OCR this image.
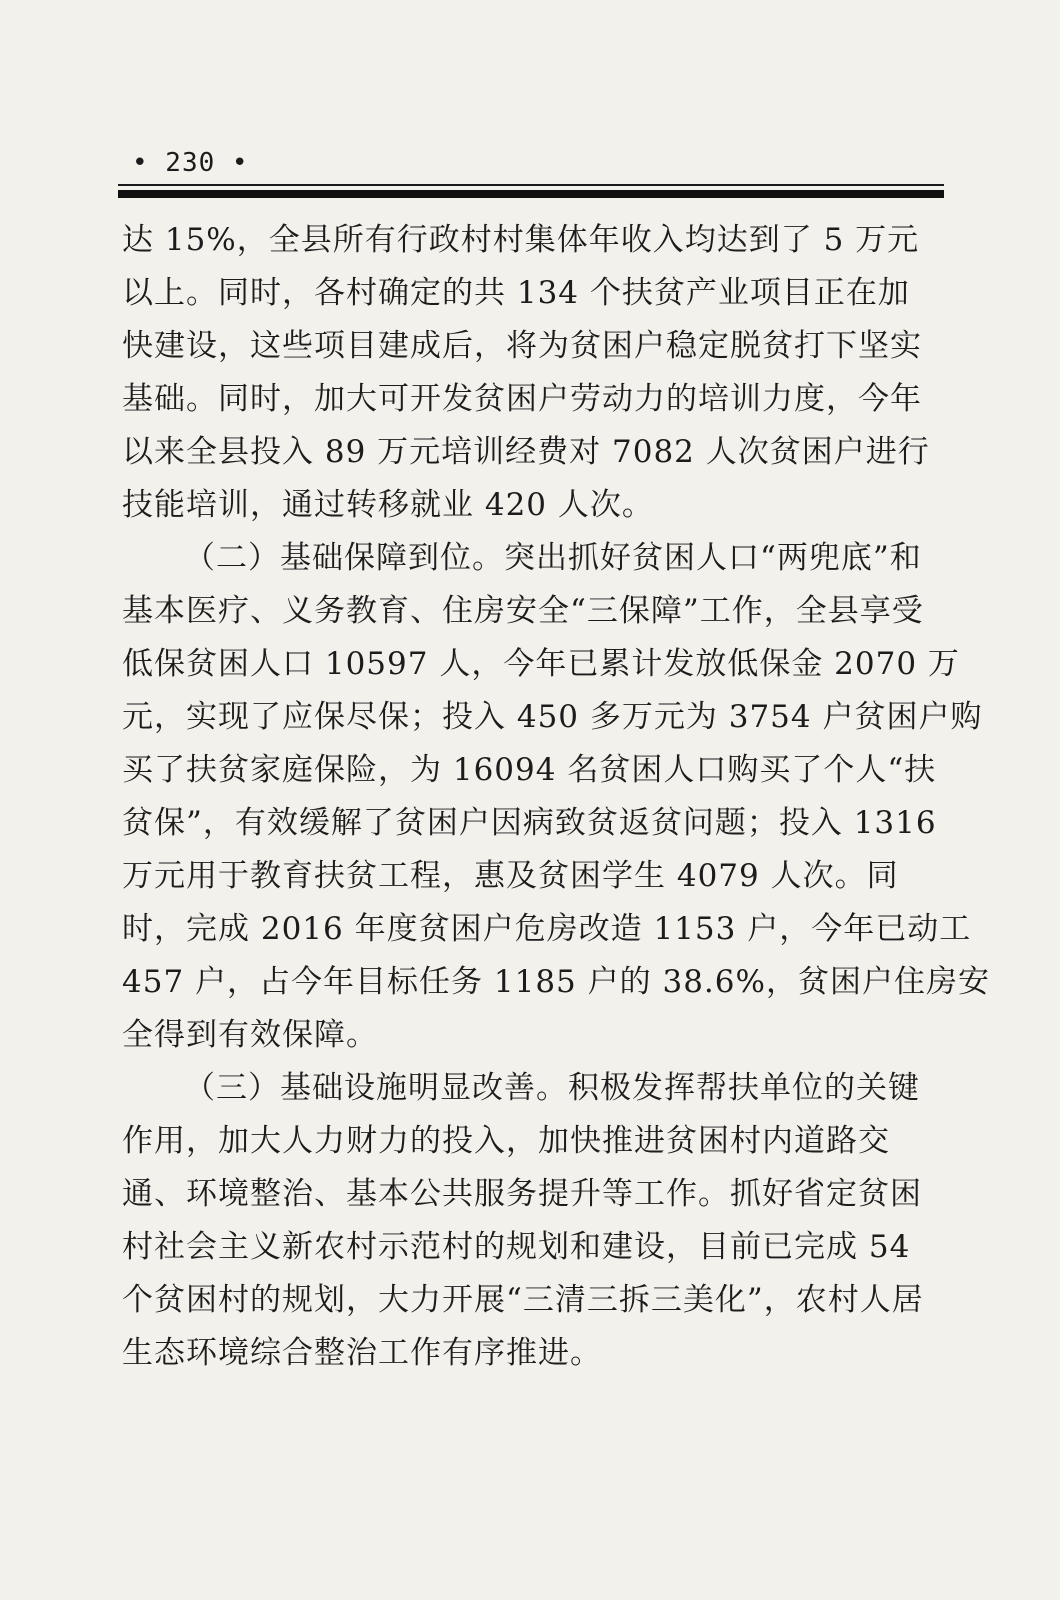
• 230 •

达 15%，全县所有行政村村集体年收入均达到了 5 万元
以上。同时，各村确定的共 134 个扶贫产业项目正在加
快建设，这些项目建成后，将为贫困户稳定脱贫打下坚实
基础。同时，加大可开发贫困户劳动力的培训力度，今年
以来全县投入 89 万元培训经费对 7082 人次贫困户进行
技能培训，通过转移就业 420 人次。

（二）基础保障到位。突出抓好贫困人口“两兜底”和
基本医疗、义务教育、住房安全“三保障”工作，全县享受
低保贫困人口 10597 人，今年已累计发放低保金 2070 万
元，实现了应保尽保；投入 450 多万元为 3754 户贫困户购
买了扶贫家庭保险，为 16094 名贫困人口购买了个人“扶
贫保”，有效缓解了贫困户因病致贫返贫问题；投入 1316
万元用于教育扶贫工程，惠及贫困学生 4079 人次。同
时，完成 2016 年度贫困户危房改造 1153 户，今年已动工
457 户，占今年目标任务 1185 户的 38.6%，贫困户住房安
全得到有效保障。

（三）基础设施明显改善。积极发挥帮扶单位的关键
作用，加大人力财力的投入，加快推进贫困村内道路交
通、环境整治、基本公共服务提升等工作。抓好省定贫困
村社会主义新农村示范村的规划和建设，目前已完成 54
个贫困村的规划，大力开展“三清三拆三美化”，农村人居
生态环境综合整治工作有序推进。
